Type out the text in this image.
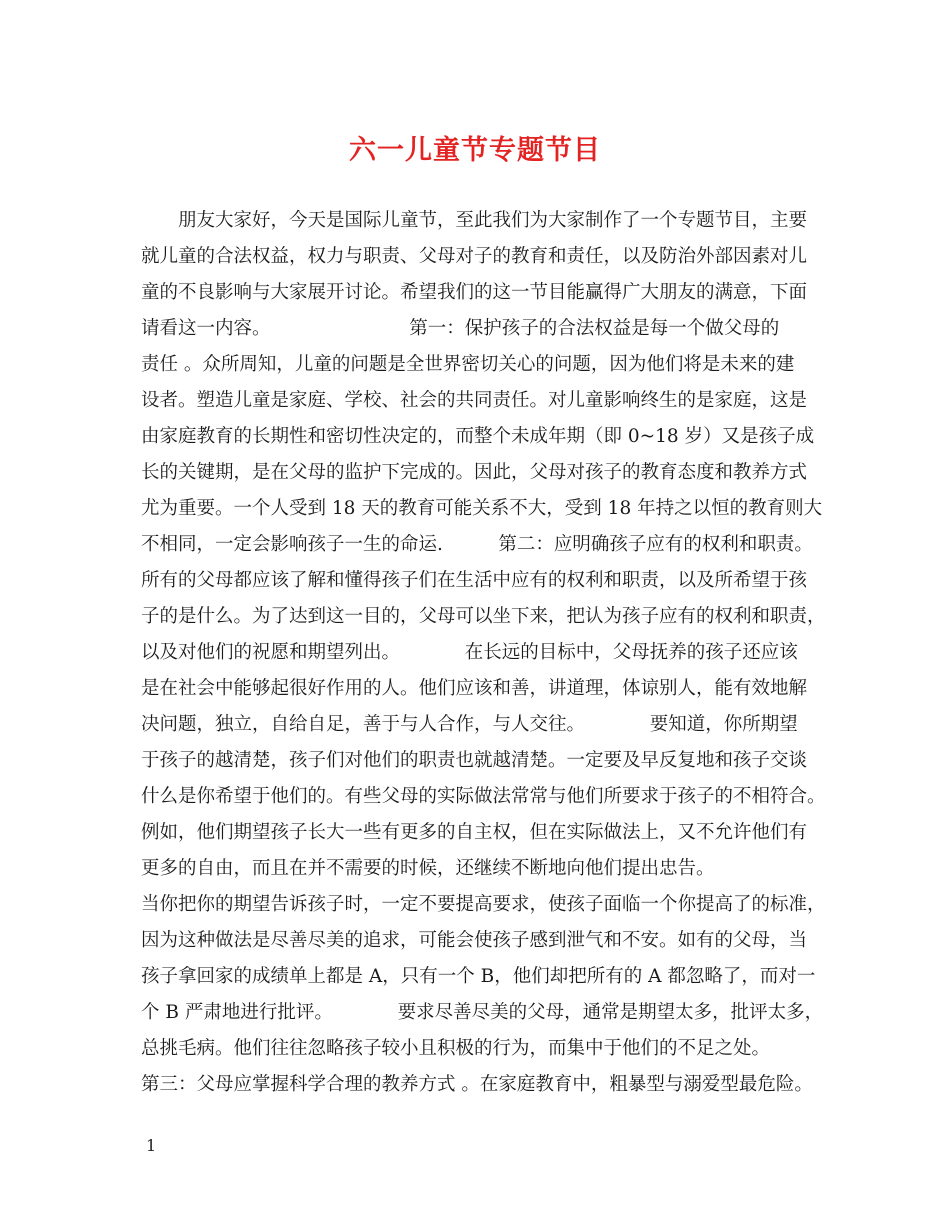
六一儿童节专题节目
　　朋友大家好，今天是国际儿童节，至此我们为大家制作了一个专题节目，主要
就儿童的合法权益，权力与职责、父母对子的教育和责任，以及防治外部因素对儿
童的不良影响与大家展开讨论。希望我们的这一节目能赢得广大朋友的满意，下面
请看这一内容。　　　　　　　　第一：保护孩子的合法权益是每一个做父母的
责任 。众所周知，儿童的问题是全世界密切关心的问题，因为他们将是未来的建
设者。塑造儿童是家庭、学校、社会的共同责任。对儿童影响终生的是家庭，这是
由家庭教育的长期性和密切性决定的，而整个未成年期（即 0~18 岁）又是孩子成
长的关键期，是在父母的监护下完成的。因此，父母对孩子的教育态度和教养方式
尤为重要。一个人受到 18 天的教育可能关系不大，受到 18 年持之以恒的教育则大
不相同，一定会影响孩子一生的命运.　　　第二：应明确孩子应有的权利和职责。
所有的父母都应该了解和懂得孩子们在生活中应有的权利和职责，以及所希望于孩
子的是什么。为了达到这一目的，父母可以坐下来，把认为孩子应有的权利和职责，
以及对他们的祝愿和期望列出。　　　　在长远的目标中，父母抚养的孩子还应该
是在社会中能够起很好作用的人。他们应该和善，讲道理，体谅别人，能有效地解
决问题，独立，自给自足，善于与人合作，与人交往。　　　　要知道，你所期望
于孩子的越清楚，孩子们对他们的职责也就越清楚。一定要及早反复地和孩子交谈
什么是你希望于他们的。有些父母的实际做法常常与他们所要求于孩子的不相符合。
例如，他们期望孩子长大一些有更多的自主权，但在实际做法上，又不允许他们有
更多的自由，而且在并不需要的时候，还继续不断地向他们提出忠告。
当你把你的期望告诉孩子时，一定不要提高要求，使孩子面临一个你提高了的标准，
因为这种做法是尽善尽美的追求，可能会使孩子感到泄气和不安。如有的父母，当
孩子拿回家的成绩单上都是 A，只有一个 B，他们却把所有的 A 都忽略了，而对一
个 B 严肃地进行批评。　　　　要求尽善尽美的父母，通常是期望太多，批评太多，
总挑毛病。他们往往忽略孩子较小且积极的行为，而集中于他们的不足之处。
第三：父母应掌握科学合理的教养方式 。在家庭教育中，粗暴型与溺爱型最危险。
1
